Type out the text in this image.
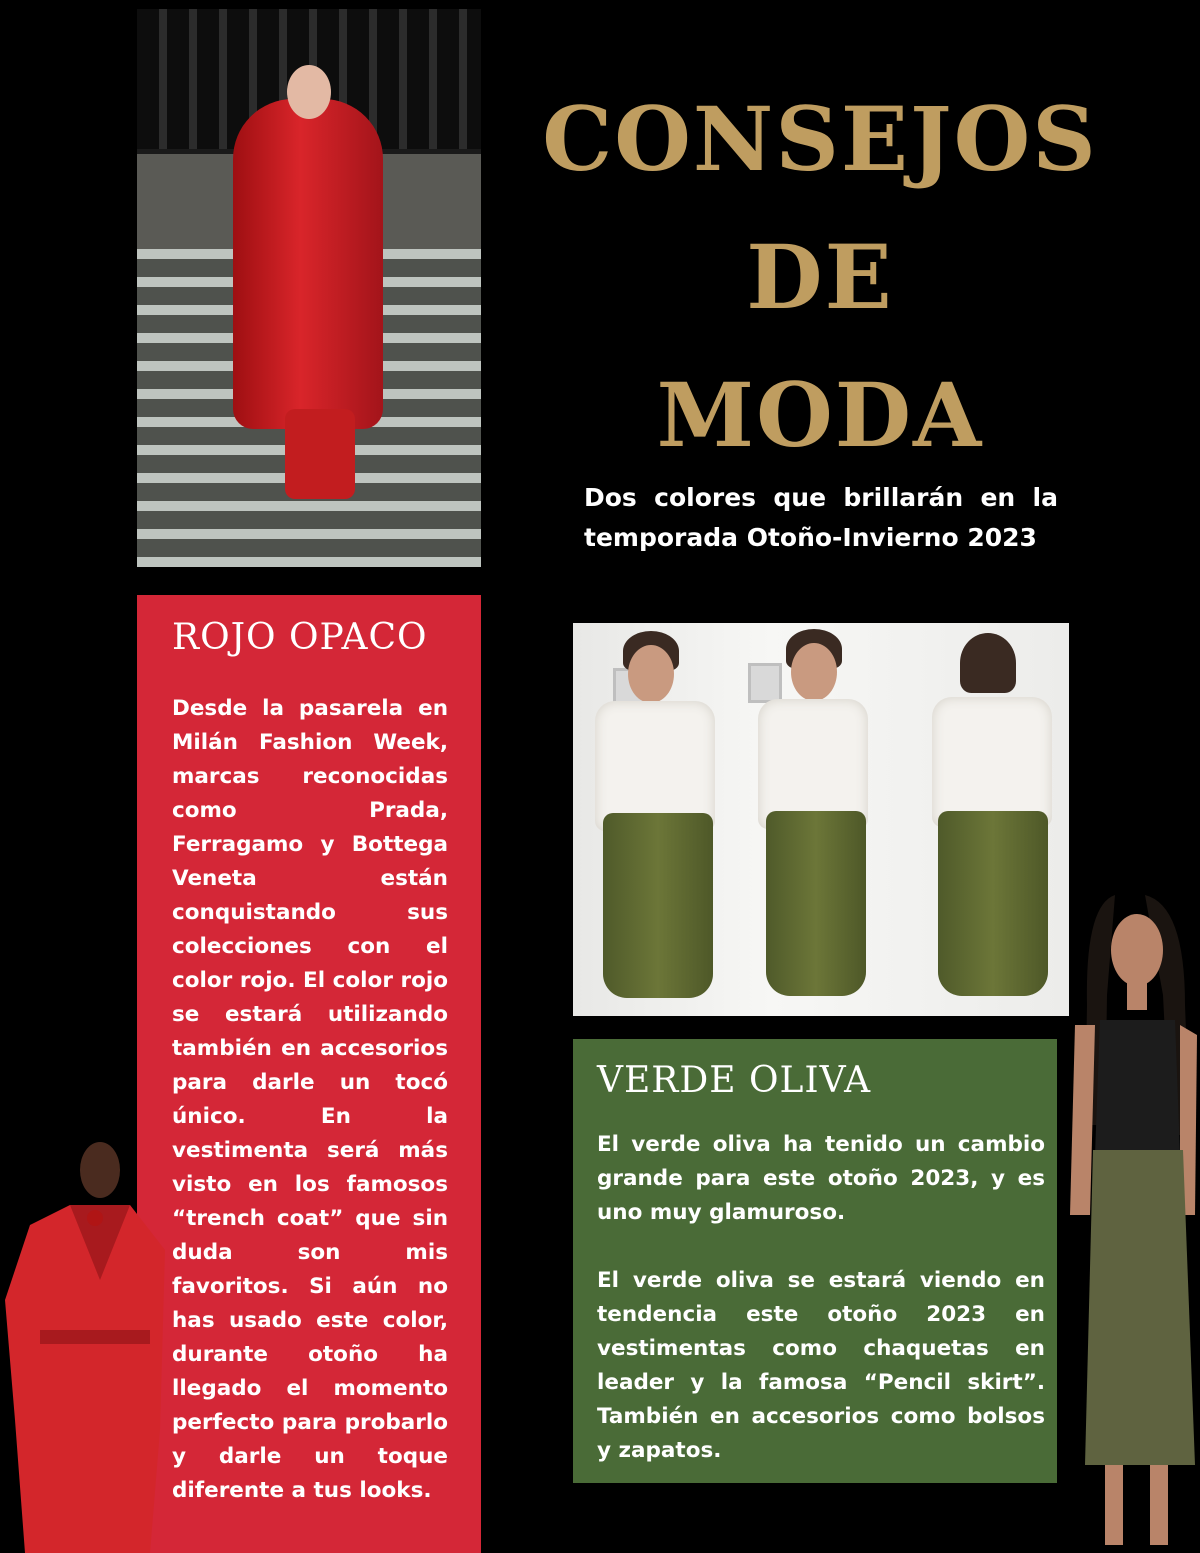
CONSEJOS
DE
MODA
Dos colores que brillarán en la temporada Otoño-Invierno 2023
ROJO OPACO
Desde la pasarela en Milán Fashion Week, marcas reconocidas como Prada, Ferragamo y Bottega Veneta están conquistando sus colecciones con el color rojo. El color rojo se estará utilizando también en accesorios para darle un tocó único. En la vestimenta será más visto en los famosos “trench coat” que sin duda son mis favoritos. Si aún no has usado este color, durante otoño ha llegado el momento perfecto para probarlo y darle un toque diferente a tus looks.
VERDE OLIVA

El verde oliva ha tenido un cambio grande para este otoño 2023, y es uno muy glamuroso.

El verde oliva se estará viendo en tendencia este otoño 2023 en vestimentas como chaquetas en leader y la famosa “Pencil skirt”. También en accesorios como bolsos y zapatos.
